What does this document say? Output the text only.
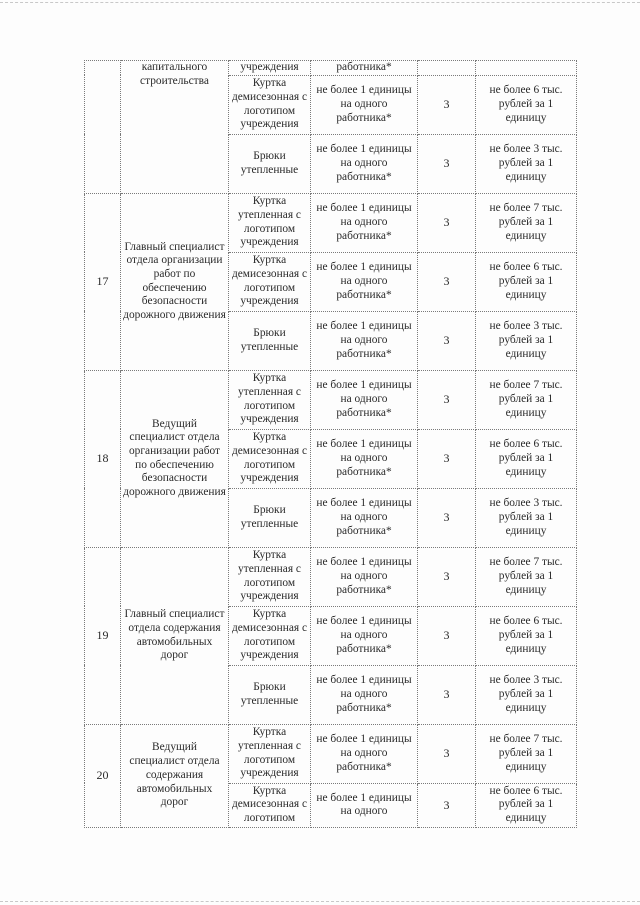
	капитального строительства	учреждения	работника*		
		Куртка демисезонная с логотипом учреждения	не более 1 единицы на одного работника*	3	не более 6 тыс. рублей за 1 единицу
		Брюки утепленные	не более 1 единицы на одного работника*	3	не более 3 тыс. рублей за 1 единицу
17	Главный специалист отдела организации работ по обеспечению безопасности дорожного движения	Куртка утепленная с логотипом учреждения	не более 1 единицы на одного работника*	3	не более 7 тыс. рублей за 1 единицу
		Куртка демисезонная с логотипом учреждения	не более 1 единицы на одного работника*	3	не более 6 тыс. рублей за 1 единицу
		Брюки утепленные	не более 1 единицы на одного работника*	3	не более 3 тыс. рублей за 1 единицу
18	Ведущий специалист отдела организации работ по обеспечению безопасности дорожного движения	Куртка утепленная с логотипом учреждения	не более 1 единицы на одного работника*	3	не более 7 тыс. рублей за 1 единицу
		Куртка демисезонная с логотипом учреждения	не более 1 единицы на одного работника*	3	не более 6 тыс. рублей за 1 единицу
		Брюки утепленные	не более 1 единицы на одного работника*	3	не более 3 тыс. рублей за 1 единицу
19	Главный специалист отдела содержания автомобильных дорог	Куртка утепленная с логотипом учреждения	не более 1 единицы на одного работника*	3	не более 7 тыс. рублей за 1 единицу
		Куртка демисезонная с логотипом учреждения	не более 1 единицы на одного работника*	3	не более 6 тыс. рублей за 1 единицу
		Брюки утепленные	не более 1 единицы на одного работника*	3	не более 3 тыс. рублей за 1 единицу
20	Ведущий специалист отдела содержания автомобильных дорог	Куртка утепленная с логотипом учреждения	не более 1 единицы на одного работника*	3	не более 7 тыс. рублей за 1 единицу
		Куртка демисезонная с логотипом	не более 1 единицы на одного	3	не более 6 тыс. рублей за 1 единицу
